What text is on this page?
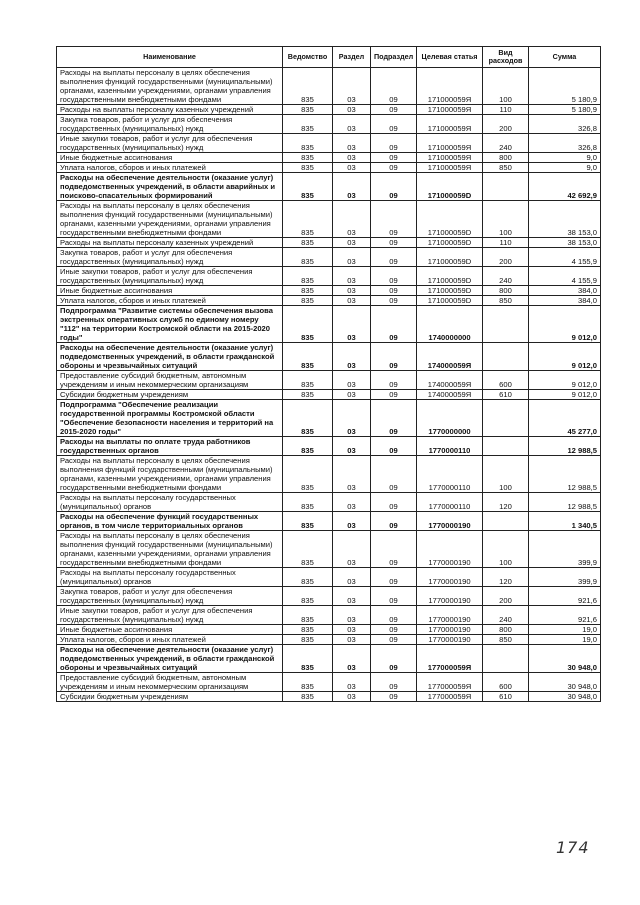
Наименование	Ведомство	Раздел	Подраздел	Целевая статья	Вид расходов	Сумма
Расходы на выплаты персоналу в целях обеспечения выполнения функций государственными (муниципальными) органами, казенными учреждениями, органами управления государственными внебюджетными фондами	835	03	09	171000059Я	100	5 180,9
Расходы на выплаты персоналу казенных учреждений	835	03	09	171000059Я	110	5 180,9
Закупка товаров, работ и услуг для обеспечения государственных (муниципальных) нужд	835	03	09	171000059Я	200	326,8
Иные закупки товаров, работ и услуг для обеспечения государственных (муниципальных) нужд	835	03	09	171000059Я	240	326,8
Иные бюджетные ассигнования	835	03	09	171000059Я	800	9,0
Уплата налогов, сборов и иных платежей	835	03	09	171000059Я	850	9,0
Расходы на обеспечение деятельности (оказание услуг) подведомственных учреждений, в области аварийных и поисково-спасательных формирований	835	03	09	171000059D		42 692,9
Расходы на выплаты персоналу в целях обеспечения выполнения функций государственными (муниципальными) органами, казенными учреждениями, органами управления государственными внебюджетными фондами	835	03	09	171000059D	100	38 153,0
Расходы на выплаты персоналу казенных учреждений	835	03	09	171000059D	110	38 153,0
Закупка товаров, работ и услуг для обеспечения государственных (муниципальных) нужд	835	03	09	171000059D	200	4 155,9
Иные закупки товаров, работ и услуг для обеспечения государственных (муниципальных) нужд	835	03	09	171000059D	240	4 155,9
Иные бюджетные ассигнования	835	03	09	171000059D	800	384,0
Уплата налогов, сборов и иных платежей	835	03	09	171000059D	850	384,0
Подпрограмма "Развитие системы обеспечения вызова экстренных оперативных служб по единому номеру "112" на территории Костромской области на 2015-2020 годы"	835	03	09	1740000000		9 012,0
Расходы на обеспечение деятельности (оказание услуг) подведомственных учреждений, в области гражданской обороны и чрезвычайных ситуаций	835	03	09	174000059Я		9 012,0
Предоставление субсидий бюджетным, автономным учреждениям и иным некоммерческим организациям	835	03	09	174000059Я	600	9 012,0
Субсидии бюджетным учреждениям	835	03	09	174000059Я	610	9 012,0
Подпрограмма "Обеспечение реализации государственной программы Костромской области "Обеспечение безопасности населения и территорий на 2015-2020 годы"	835	03	09	1770000000		45 277,0
Расходы на выплаты по оплате труда работников государственных органов	835	03	09	1770000110		12 988,5
Расходы на выплаты персоналу в целях обеспечения выполнения функций государственными (муниципальными) органами, казенными учреждениями, органами управления государственными внебюджетными фондами	835	03	09	1770000110	100	12 988,5
Расходы на выплаты персоналу государственных (муниципальных) органов	835	03	09	1770000110	120	12 988,5
Расходы на обеспечение функций государственных органов, в том числе территориальных органов	835	03	09	1770000190		1 340,5
Расходы на выплаты персоналу в целях обеспечения выполнения функций государственными (муниципальными) органами, казенными учреждениями, органами управления государственными внебюджетными фондами	835	03	09	1770000190	100	399,9
Расходы на выплаты персоналу государственных (муниципальных) органов	835	03	09	1770000190	120	399,9
Закупка товаров, работ и услуг для обеспечения государственных (муниципальных) нужд	835	03	09	1770000190	200	921,6
Иные закупки товаров, работ и услуг для обеспечения государственных (муниципальных) нужд	835	03	09	1770000190	240	921,6
Иные бюджетные ассигнования	835	03	09	1770000190	800	19,0
Уплата налогов, сборов и иных платежей	835	03	09	1770000190	850	19,0
Расходы на обеспечение деятельности (оказание услуг) подведомственных учреждений, в области гражданской обороны и чрезвычайных ситуаций	835	03	09	177000059Я		30 948,0
Предоставление субсидий бюджетным, автономным учреждениям и иным некоммерческим организациям	835	03	09	177000059Я	600	30 948,0
Субсидии бюджетным учреждениям	835	03	09	177000059Я	610	30 948,0
174
